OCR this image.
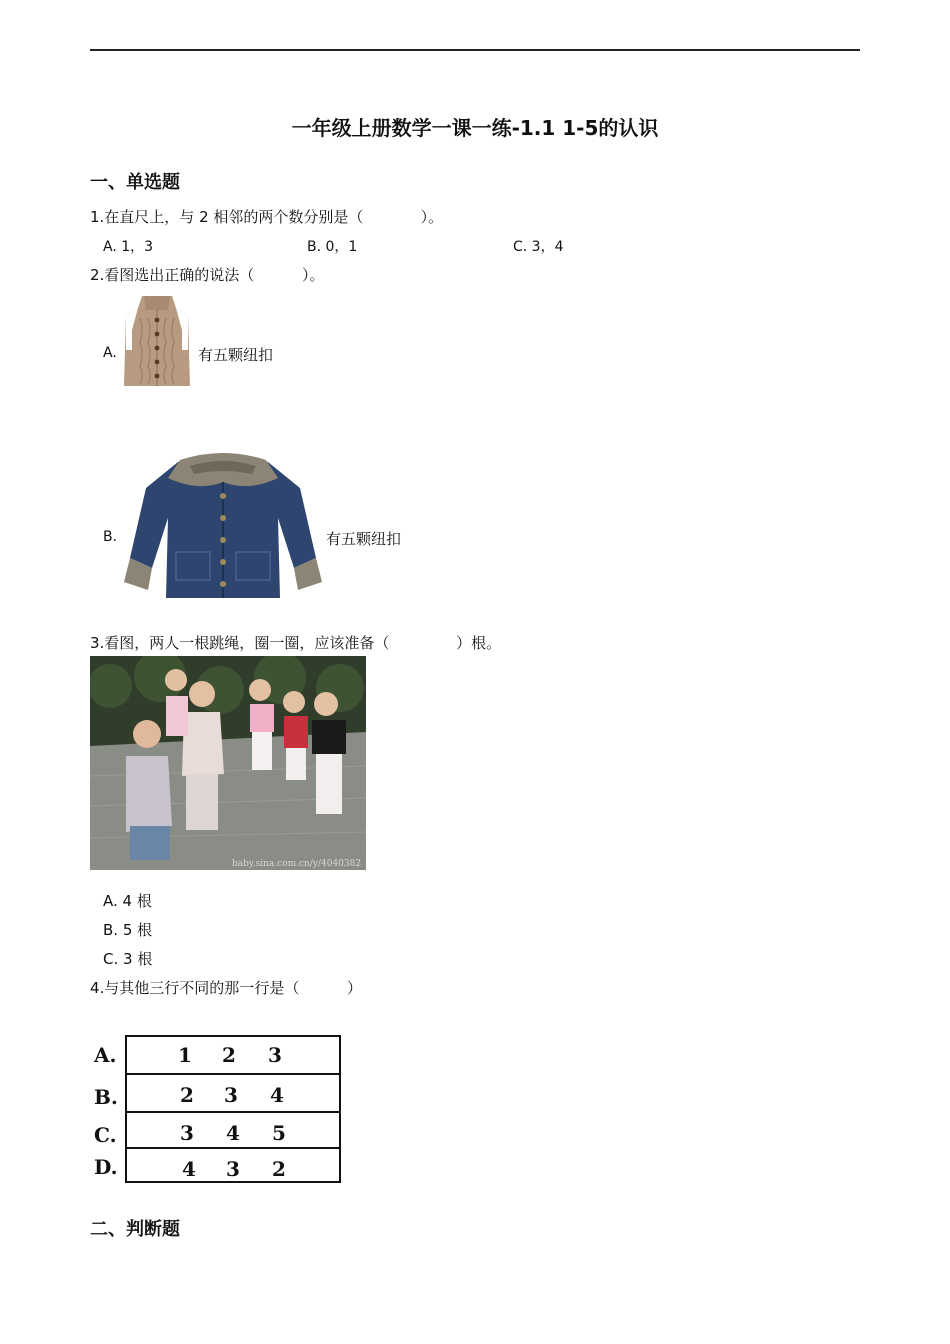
一年级上册数学一课一练-1.1 1-5的认识
一、单选题
1.在直尺上，与 2 相邻的两个数分别是（            ）。
A. 1，3	B. 0，1	C. 3，4
2.看图选出正确的说法（          ）。
A.	有五颗纽扣
B.	有五颗纽扣
3.看图，两人一根跳绳，圈一圈，应该准备（              ）根。
baby.sina.com.cn/y/4040382
A. 4 根
B. 5 根
C. 3 根
4.与其他三行不同的那一行是（          ）
A.	1 2 3
B.	2 3 4
C.	3 4 5
D.	4 3 2
二、判断题
